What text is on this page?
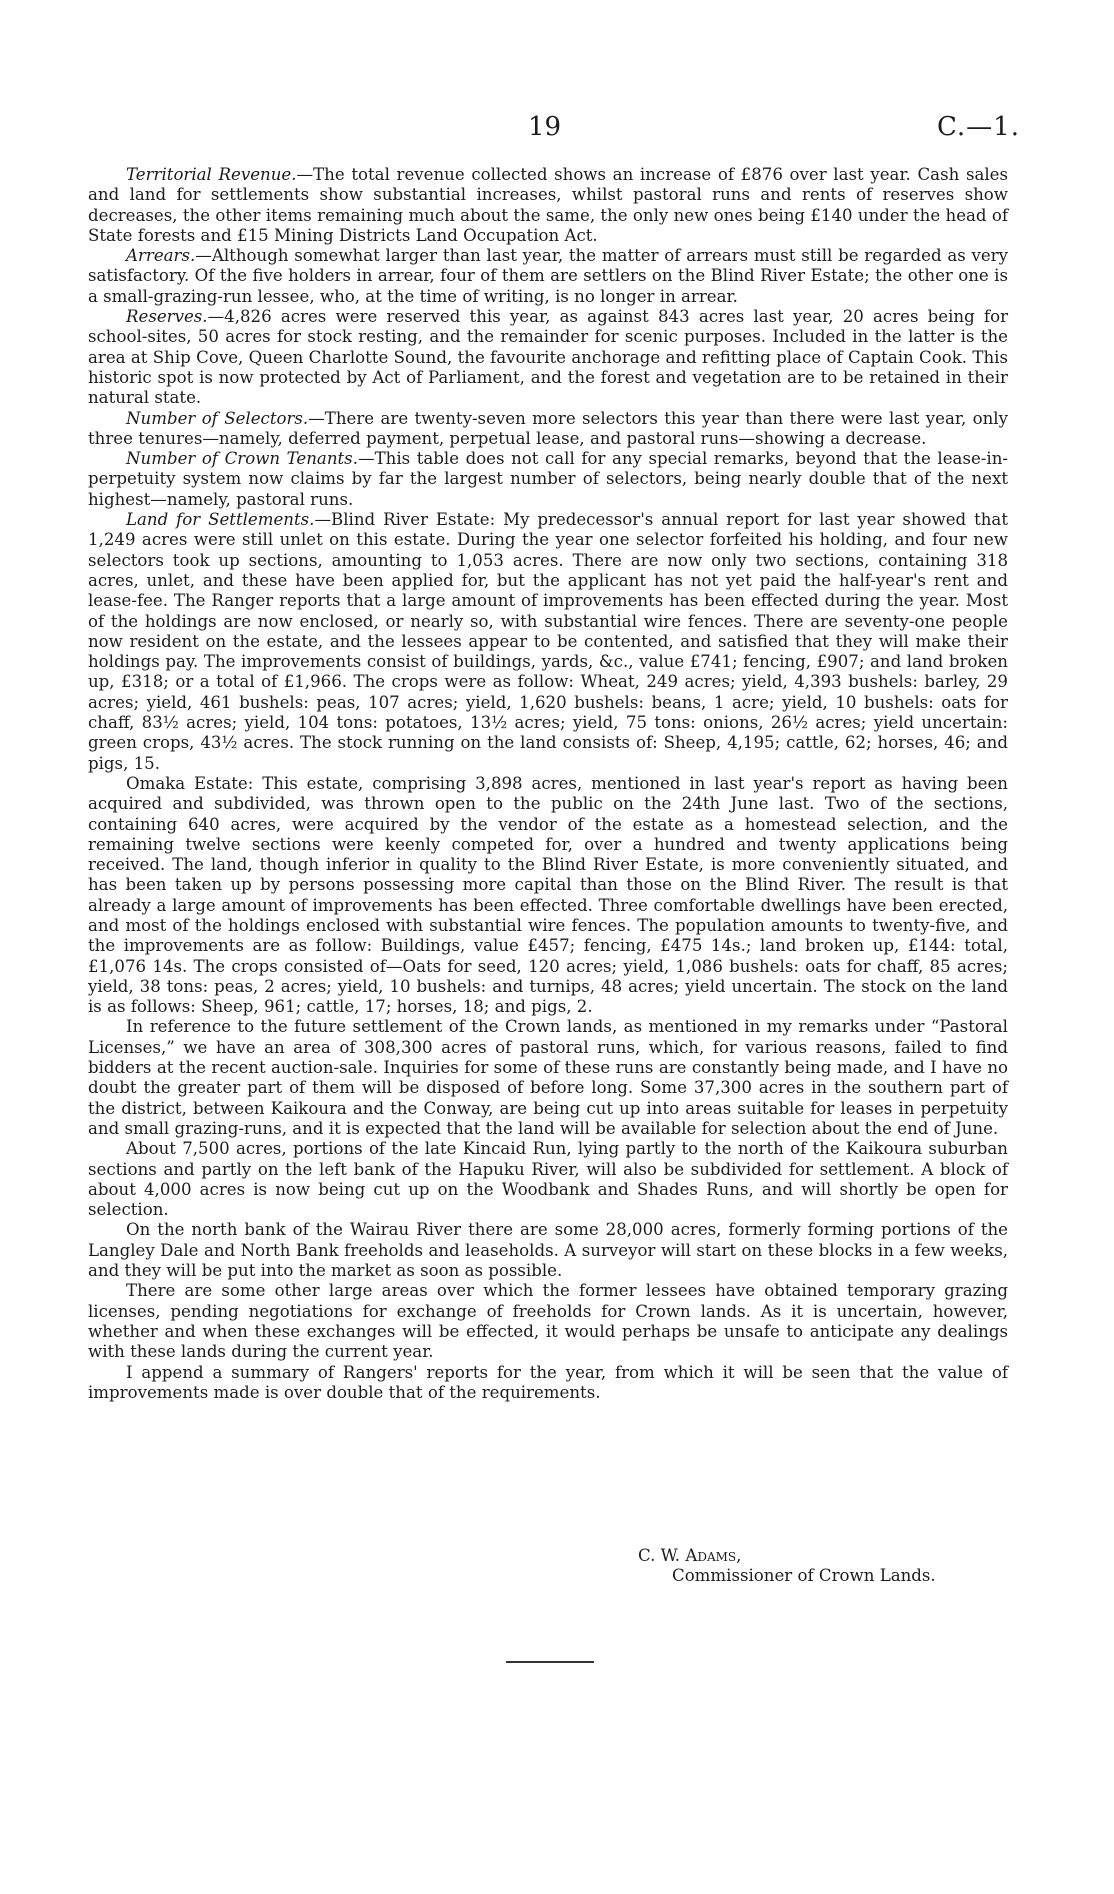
19	C.—1.

Territorial Revenue.—The total revenue collected shows an increase of £876 over last year. Cash sales and land for settlements show substantial increases, whilst pastoral runs and rents of reserves show decreases, the other items remaining much about the same, the only new ones being £140 under the head of State forests and £15 Mining Districts Land Occupation Act.

Arrears.—Although somewhat larger than last year, the matter of arrears must still be regarded as very satisfactory. Of the five holders in arrear, four of them are settlers on the Blind River Estate; the other one is a small-grazing-run lessee, who, at the time of writing, is no longer in arrear.

Reserves.—4,826 acres were reserved this year, as against 843 acres last year, 20 acres being for school-sites, 50 acres for stock resting, and the remainder for scenic purposes. Included in the latter is the area at Ship Cove, Queen Charlotte Sound, the favourite anchorage and refitting place of Captain Cook. This historic spot is now protected by Act of Parliament, and the forest and vegetation are to be retained in their natural state.

Number of Selectors.—There are twenty-seven more selectors this year than there were last year, only three tenures—namely, deferred payment, perpetual lease, and pastoral runs—showing a decrease.

Number of Crown Tenants.—This table does not call for any special remarks, beyond that the lease-in-perpetuity system now claims by far the largest number of selectors, being nearly double that of the next highest—namely, pastoral runs.

Land for Settlements.—Blind River Estate: My predecessor's annual report for last year showed that 1,249 acres were still unlet on this estate. During the year one selector forfeited his holding, and four new selectors took up sections, amounting to 1,053 acres. There are now only two sections, containing 318 acres, unlet, and these have been applied for, but the applicant has not yet paid the half-year's rent and lease-fee. The Ranger reports that a large amount of improvements has been effected during the year. Most of the holdings are now enclosed, or nearly so, with substantial wire fences. There are seventy-one people now resident on the estate, and the lessees appear to be contented, and satisfied that they will make their holdings pay. The improvements consist of buildings, yards, &c., value £741; fencing, £907; and land broken up, £318; or a total of £1,966. The crops were as follow: Wheat, 249 acres; yield, 4,393 bushels: barley, 29 acres; yield, 461 bushels: peas, 107 acres; yield, 1,620 bushels: beans, 1 acre; yield, 10 bushels: oats for chaff, 83½ acres; yield, 104 tons: potatoes, 13½ acres; yield, 75 tons: onions, 26½ acres; yield uncertain: green crops, 43½ acres. The stock running on the land consists of: Sheep, 4,195; cattle, 62; horses, 46; and pigs, 15.

Omaka Estate: This estate, comprising 3,898 acres, mentioned in last year's report as having been acquired and subdivided, was thrown open to the public on the 24th June last. Two of the sections, containing 640 acres, were acquired by the vendor of the estate as a homestead selection, and the remaining twelve sections were keenly competed for, over a hundred and twenty applications being received. The land, though inferior in quality to the Blind River Estate, is more conveniently situated, and has been taken up by persons possessing more capital than those on the Blind River. The result is that already a large amount of improvements has been effected. Three comfortable dwellings have been erected, and most of the holdings enclosed with substantial wire fences. The population amounts to twenty-five, and the improvements are as follow: Buildings, value £457; fencing, £475 14s.; land broken up, £144: total, £1,076 14s. The crops consisted of—Oats for seed, 120 acres; yield, 1,086 bushels: oats for chaff, 85 acres; yield, 38 tons: peas, 2 acres; yield, 10 bushels: and turnips, 48 acres; yield uncertain. The stock on the land is as follows: Sheep, 961; cattle, 17; horses, 18; and pigs, 2.

In reference to the future settlement of the Crown lands, as mentioned in my remarks under “Pastoral Licenses,” we have an area of 308,300 acres of pastoral runs, which, for various reasons, failed to find bidders at the recent auction-sale. Inquiries for some of these runs are constantly being made, and I have no doubt the greater part of them will be disposed of before long. Some 37,300 acres in the southern part of the district, between Kaikoura and the Conway, are being cut up into areas suitable for leases in perpetuity and small grazing-runs, and it is expected that the land will be available for selection about the end of June.

About 7,500 acres, portions of the late Kincaid Run, lying partly to the north of the Kaikoura suburban sections and partly on the left bank of the Hapuku River, will also be subdivided for settlement. A block of about 4,000 acres is now being cut up on the Woodbank and Shades Runs, and will shortly be open for selection.

On the north bank of the Wairau River there are some 28,000 acres, formerly forming portions of the Langley Dale and North Bank freeholds and leaseholds. A surveyor will start on these blocks in a few weeks, and they will be put into the market as soon as possible.

There are some other large areas over which the former lessees have obtained temporary grazing licenses, pending negotiations for exchange of freeholds for Crown lands. As it is uncertain, however, whether and when these exchanges will be effected, it would perhaps be unsafe to anticipate any dealings with these lands during the current year.

I append a summary of Rangers' reports for the year, from which it will be seen that the value of improvements made is over double that of the requirements.

C. W. Adams,
Commissioner of Crown Lands.
